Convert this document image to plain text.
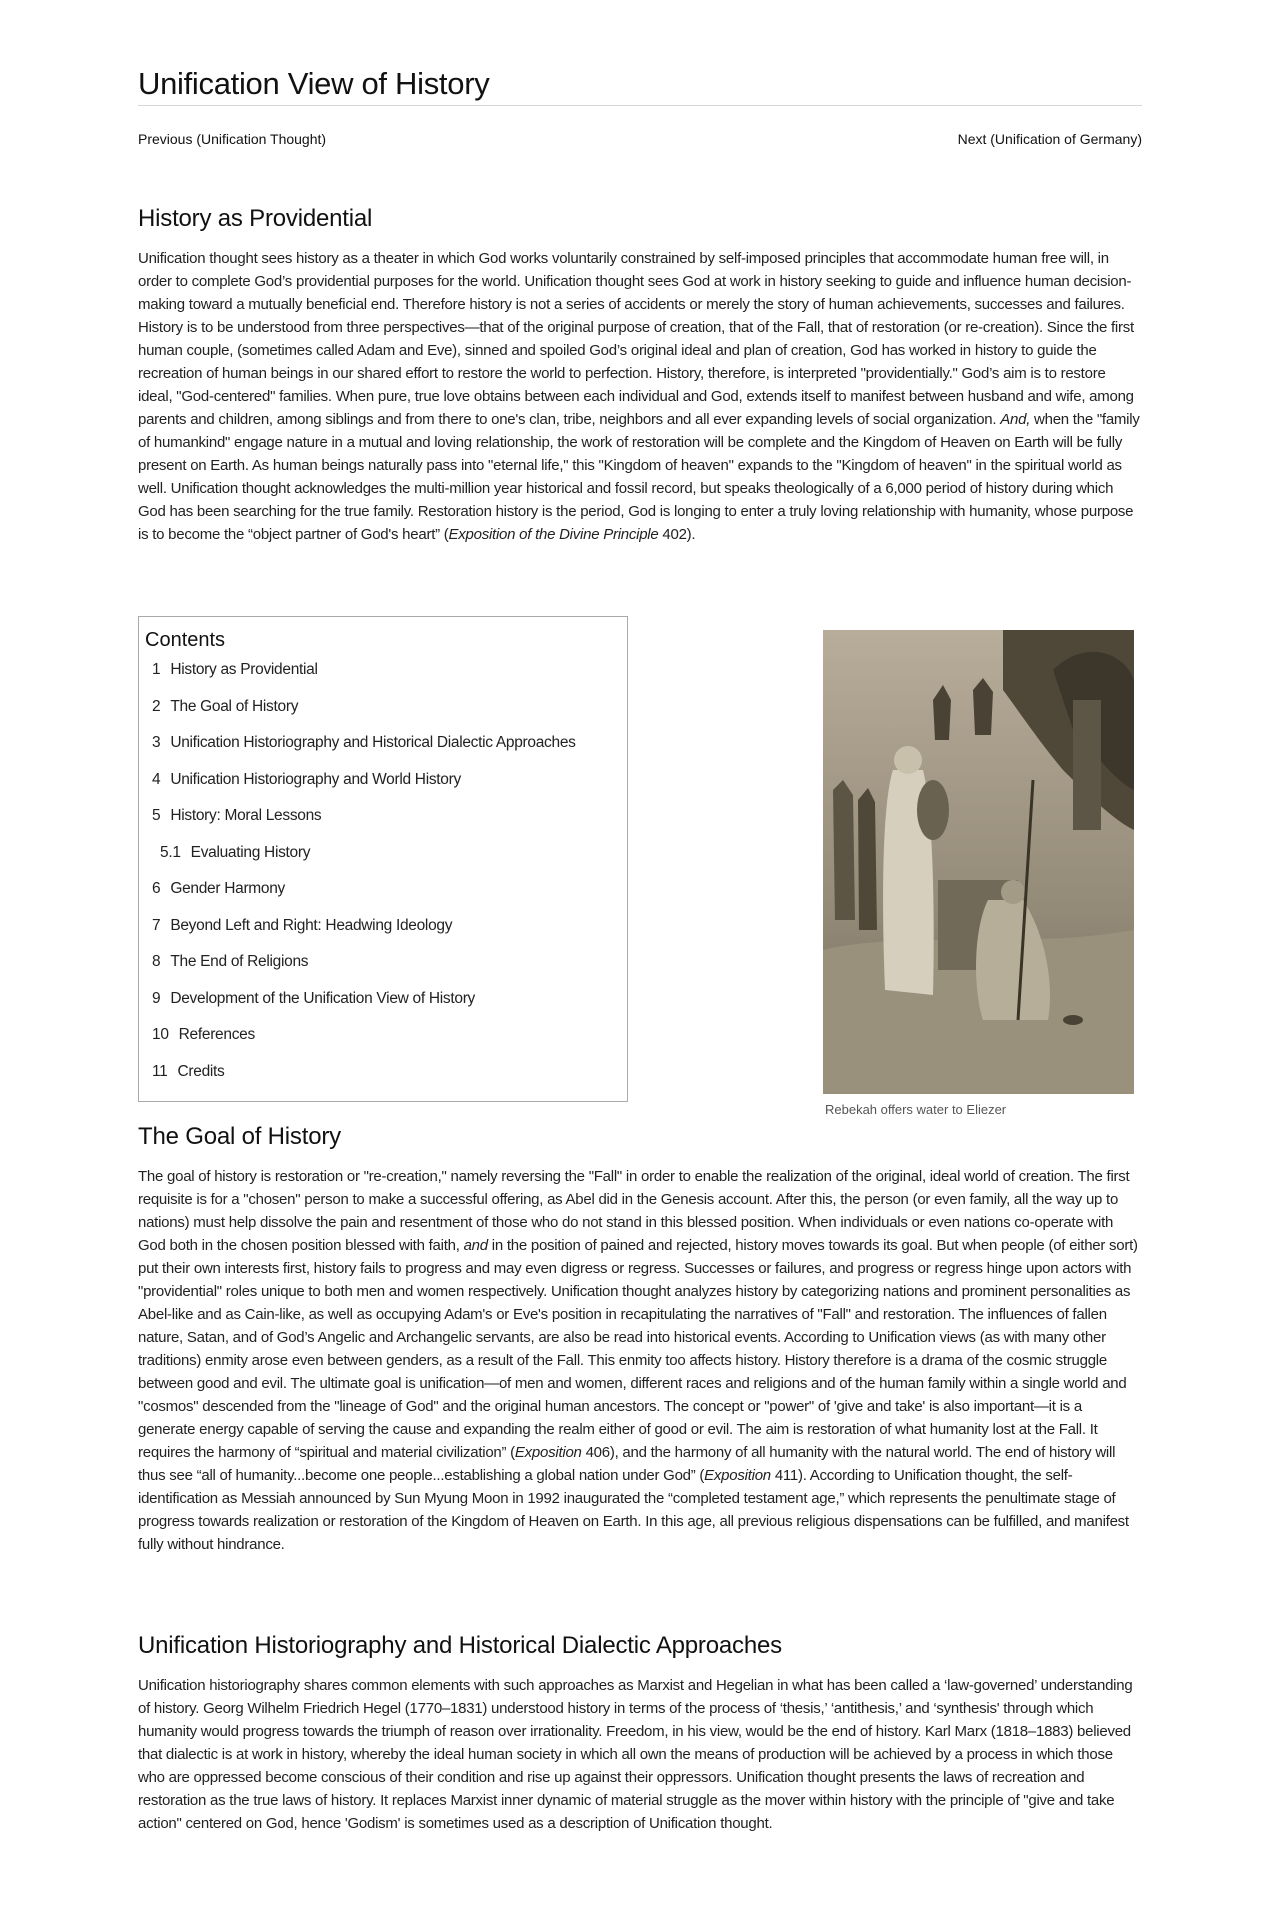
Unification View of History
Previous (Unification Thought)	Next (Unification of Germany)
History as Providential

Unification thought sees history as a theater in which God works voluntarily constrained by self-imposed principles that accommodate human free will, in order to complete God’s providential purposes for the world. Unification thought sees God at work in history seeking to guide and influence human decision-making toward a mutually beneficial end. Therefore history is not a series of accidents or merely the story of human achievements, successes and failures. History is to be understood from three perspectives—that of the original purpose of creation, that of the Fall, that of restoration (or re-creation). Since the first human couple, (sometimes called Adam and Eve), sinned and spoiled God’s original ideal and plan of creation, God has worked in history to guide the recreation of human beings in our shared effort to restore the world to perfection. History, therefore, is interpreted "providentially." God’s aim is to restore ideal, "God-centered" families. When pure, true love obtains between each individual and God, extends itself to manifest between husband and wife, among parents and children, among siblings and from there to one's clan, tribe, neighbors and all ever expanding levels of social organization. And, when the "family of humankind" engage nature in a mutual and loving relationship, the work of restoration will be complete and the Kingdom of Heaven on Earth will be fully present on Earth. As human beings naturally pass into "eternal life," this "Kingdom of heaven" expands to the "Kingdom of heaven" in the spiritual world as well. Unification thought acknowledges the multi-million year historical and fossil record, but speaks theologically of a 6,000 period of history during which God has been searching for the true family. Restoration history is the period, God is longing to enter a truly loving relationship with humanity, whose purpose is to become the “object partner of God's heart” (Exposition of the Divine Principle 402).

Contents
1 History as Providential
2 The Goal of History
3 Unification Historiography and Historical Dialectic Approaches
4 Unification Historiography and World History
5 History: Moral Lessons
5.1 Evaluating History
6 Gender Harmony
7 Beyond Left and Right: Headwing Ideology
8 The End of Religions
9 Development of the Unification View of History
10 References
11 Credits
Rebekah offers water to Eliezer
The Goal of History

The goal of history is restoration or "re-creation," namely reversing the "Fall" in order to enable the realization of the original, ideal world of creation. The first requisite is for a "chosen" person to make a successful offering, as Abel did in the Genesis account. After this, the person (or even family, all the way up to nations) must help dissolve the pain and resentment of those who do not stand in this blessed position. When individuals or even nations co-operate with God both in the chosen position blessed with faith, and in the position of pained and rejected, history moves towards its goal. But when people (of either sort) put their own interests first, history fails to progress and may even digress or regress. Successes or failures, and progress or regress hinge upon actors with "providential" roles unique to both men and women respectively. Unification thought analyzes history by categorizing nations and prominent personalities as Abel-like and as Cain-like, as well as occupying Adam's or Eve's position in recapitulating the narratives of "Fall" and restoration. The influences of fallen nature, Satan, and of God’s Angelic and Archangelic servants, are also be read into historical events. According to Unification views (as with many other traditions) enmity arose even between genders, as a result of the Fall. This enmity too affects history. History therefore is a drama of the cosmic struggle between good and evil. The ultimate goal is unification—of men and women, different races and religions and of the human family within a single world and "cosmos" descended from the "lineage of God" and the original human ancestors. The concept or "power" of 'give and take' is also important—it is a generate energy capable of serving the cause and expanding the realm either of good or evil. The aim is restoration of what humanity lost at the Fall. It requires the harmony of “spiritual and material civilization” (Exposition 406), and the harmony of all humanity with the natural world. The end of history will thus see “all of humanity...become one people...establishing a global nation under God” (Exposition 411). According to Unification thought, the self-identification as Messiah announced by Sun Myung Moon in 1992 inaugurated the “completed testament age,” which represents the penultimate stage of progress towards realization or restoration of the Kingdom of Heaven on Earth. In this age, all previous religious dispensations can be fulfilled, and manifest fully without hindrance.

Unification Historiography and Historical Dialectic Approaches

Unification historiography shares common elements with such approaches as Marxist and Hegelian in what has been called a ‘law-governed’ understanding of history. Georg Wilhelm Friedrich Hegel (1770–1831) understood history in terms of the process of ‘thesis,’ ‘antithesis,’ and ‘synthesis' through which humanity would progress towards the triumph of reason over irrationality. Freedom, in his view, would be the end of history. Karl Marx (1818–1883) believed that dialectic is at work in history, whereby the ideal human society in which all own the means of production will be achieved by a process in which those who are oppressed become conscious of their condition and rise up against their oppressors. Unification thought presents the laws of recreation and restoration as the true laws of history. It replaces Marxist inner dynamic of material struggle as the mover within history with the principle of "give and take action" centered on God, hence 'Godism' is sometimes used as a description of Unification thought.
